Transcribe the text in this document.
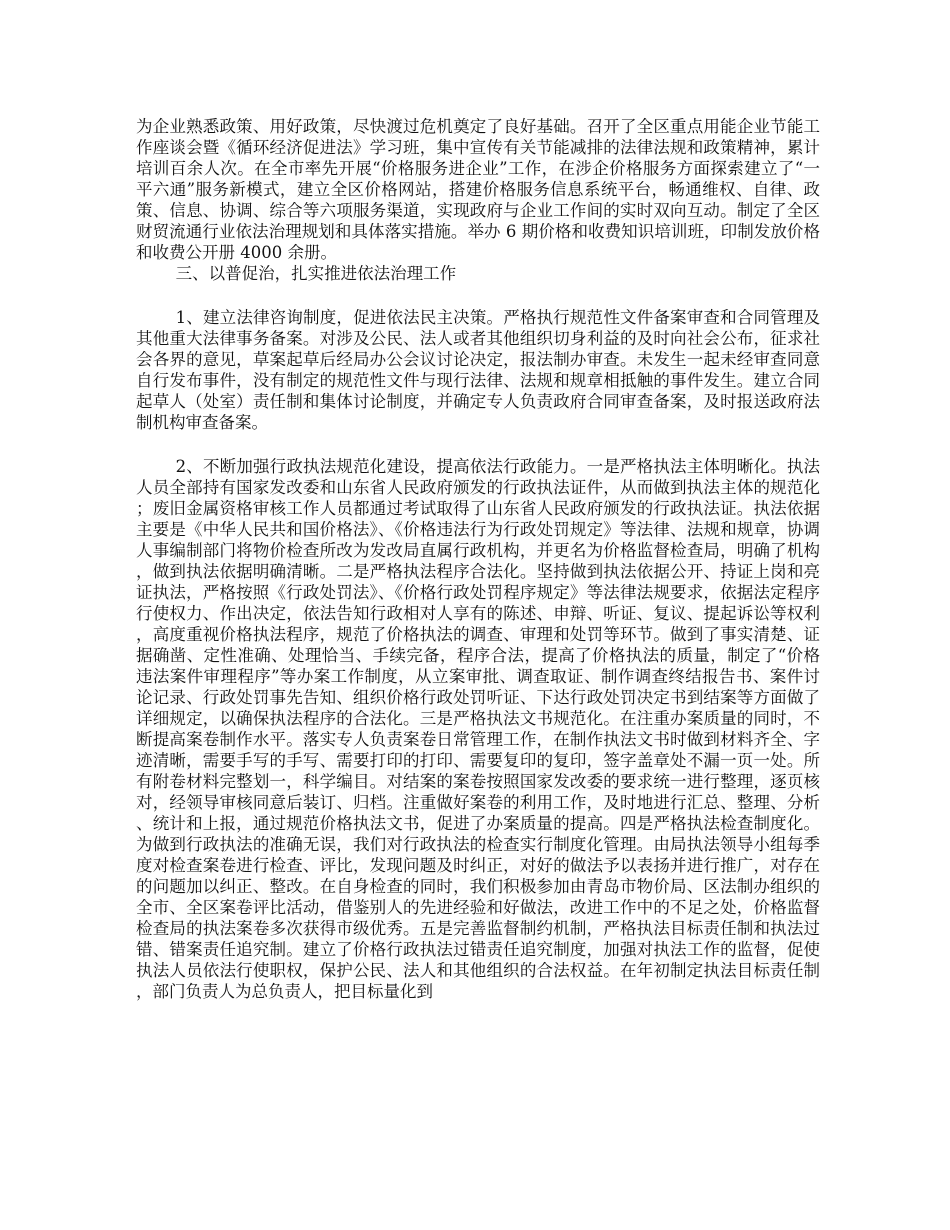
为企业熟悉政策、用好政策，尽快渡过危机奠定了良好基础。召开了全区重点用能企业节能工作座谈会暨《循环经济促进法》学习班，集中宣传有关节能减排的法律法规和政策精神，累计培训百余人次。在全市率先开展“价格服务进企业”工作，在涉企价格服务方面探索建立了“一平六通”服务新模式，建立全区价格网站，搭建价格服务信息系统平台，畅通维权、自律、政策、信息、协调、综合等六项服务渠道，实现政府与企业工作间的实时双向互动。制定了全区财贸流通行业依法治理规划和具体落实措施。举办 6 期价格和收费知识培训班，印制发放价格和收费公开册 4000 余册。

三、以普促治，扎实推进依法治理工作

1、建立法律咨询制度，促进依法民主决策。严格执行规范性文件备案审查和合同管理及其他重大法律事务备案。对涉及公民、法人或者其他组织切身利益的及时向社会公布，征求社会各界的意见，草案起草后经局办公会议讨论决定，报法制办审查。未发生一起未经审查同意自行发布事件，没有制定的规范性文件与现行法律、法规和规章相抵触的事件发生。建立合同起草人（处室）责任制和集体讨论制度，并确定专人负责政府合同审查备案，及时报送政府法制机构审查备案。

2、不断加强行政执法规范化建设，提高依法行政能力。一是严格执法主体明晰化。执法人员全部持有国家发改委和山东省人民政府颁发的行政执法证件，从而做到执法主体的规范化；废旧金属资格审核工作人员都通过考试取得了山东省人民政府颁发的行政执法证。执法依据主要是《中华人民共和国价格法》、《价格违法行为行政处罚规定》等法律、法规和规章，协调人事编制部门将物价检查所改为发改局直属行政机构，并更名为价格监督检查局，明确了机构，做到执法依据明确清晰。二是严格执法程序合法化。坚持做到执法依据公开、持证上岗和亮证执法，严格按照《行政处罚法》、《价格行政处罚程序规定》等法律法规要求，依据法定程序行使权力、作出决定，依法告知行政相对人享有的陈述、申辩、听证、复议、提起诉讼等权利，高度重视价格执法程序，规范了价格执法的调查、审理和处罚等环节。做到了事实清楚、证据确凿、定性准确、处理恰当、手续完备，程序合法，提高了价格执法的质量，制定了“价格违法案件审理程序”等办案工作制度，从立案审批、调查取证、制作调查终结报告书、案件讨论记录、行政处罚事先告知、组织价格行政处罚听证、下达行政处罚决定书到结案等方面做了详细规定，以确保执法程序的合法化。三是严格执法文书规范化。在注重办案质量的同时，不断提高案卷制作水平。落实专人负责案卷日常管理工作，在制作执法文书时做到材料齐全、字迹清晰，需要手写的手写、需要打印的打印、需要复印的复印，签字盖章处不漏一页一处。所有附卷材料完整划一，科学编目。对结案的案卷按照国家发改委的要求统一进行整理，逐页核对，经领导审核同意后装订、归档。注重做好案卷的利用工作，及时地进行汇总、整理、分析、统计和上报，通过规范价格执法文书，促进了办案质量的提高。四是严格执法检查制度化。为做到行政执法的准确无误，我们对行政执法的检查实行制度化管理。由局执法领导小组每季度对检查案卷进行检查、评比，发现问题及时纠正，对好的做法予以表扬并进行推广，对存在的问题加以纠正、整改。在自身检查的同时，我们积极参加由青岛市物价局、区法制办组织的全市、全区案卷评比活动，借鉴别人的先进经验和好做法，改进工作中的不足之处，价格监督检查局的执法案卷多次获得市级优秀。五是完善监督制约机制，严格执法目标责任制和执法过错、错案责任追究制。建立了价格行政执法过错责任追究制度，加强对执法工作的监督，促使执法人员依法行使职权，保护公民、法人和其他组织的合法权益。在年初制定执法目标责任制，部门负责人为总负责人，把目标量化到
